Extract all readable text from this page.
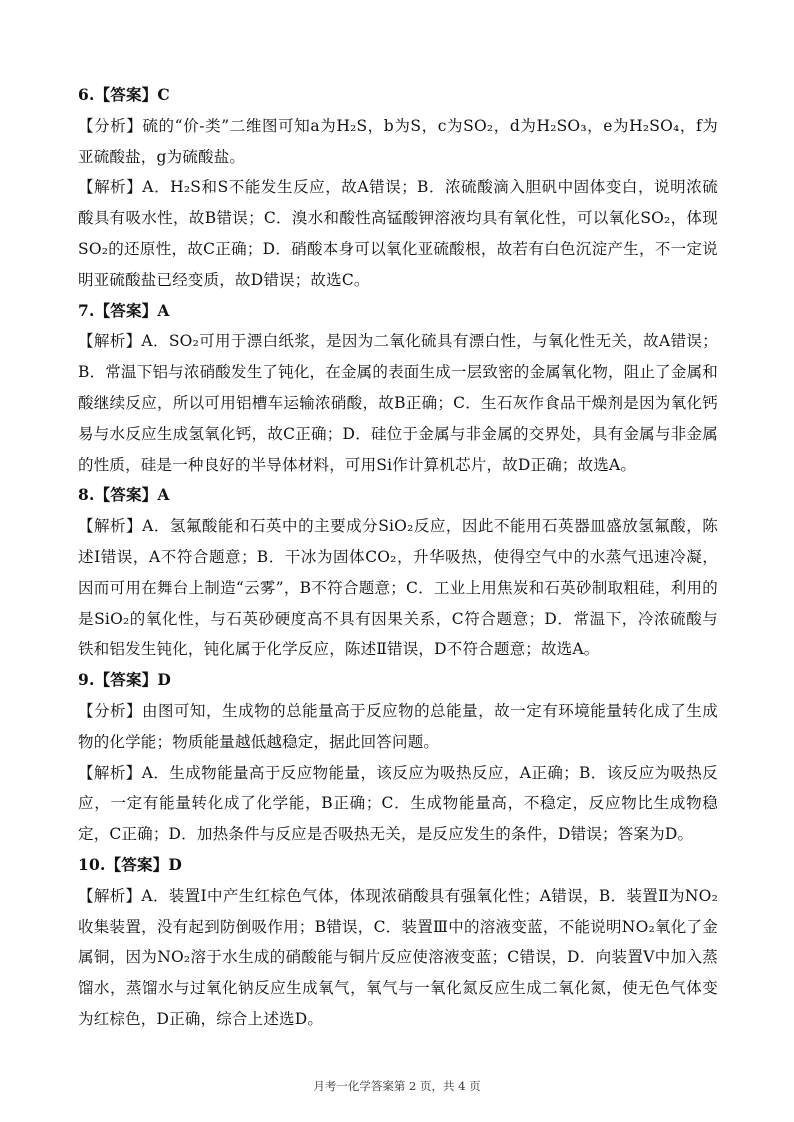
6.【答案】C

【分析】硫的“价-类”二维图可知a为H₂S，b为S，c为SO₂，d为H₂SO₃，e为H₂SO₄，f为亚硫酸盐，g为硫酸盐。

【解析】A．H₂S和S不能发生反应，故A错误；B．浓硫酸滴入胆矾中固体变白，说明浓硫酸具有吸水性，故B错误；C．溴水和酸性高锰酸钾溶液均具有氧化性，可以氧化SO₂，体现SO₂的还原性，故C正确；D．硝酸本身可以氧化亚硫酸根，故若有白色沉淀产生，不一定说明亚硫酸盐已经变质，故D错误；故选C。

7.【答案】A

【解析】A．SO₂可用于漂白纸浆，是因为二氧化硫具有漂白性，与氧化性无关，故A错误；B．常温下铝与浓硝酸发生了钝化，在金属的表面生成一层致密的金属氧化物，阻止了金属和酸继续反应，所以可用铝槽车运输浓硝酸，故B正确；C．生石灰作食品干燥剂是因为氧化钙易与水反应生成氢氧化钙，故C正确；D．硅位于金属与非金属的交界处，具有金属与非金属的性质，硅是一种良好的半导体材料，可用Si作计算机芯片，故D正确；故选A。

8.【答案】A

【解析】A．氢氟酸能和石英中的主要成分SiO₂反应，因此不能用石英器皿盛放氢氟酸，陈述Ⅰ错误，A不符合题意；B．干冰为固体CO₂，升华吸热，使得空气中的水蒸气迅速冷凝，因而可用在舞台上制造“云雾”，B不符合题意；C．工业上用焦炭和石英砂制取粗硅，利用的是SiO₂的氧化性，与石英砂硬度高不具有因果关系，C符合题意；D．常温下，冷浓硫酸与铁和铝发生钝化，钝化属于化学反应，陈述Ⅱ错误，D不符合题意；故选A。

9.【答案】D

【分析】由图可知，生成物的总能量高于反应物的总能量，故一定有环境能量转化成了生成物的化学能；物质能量越低越稳定，据此回答问题。

【解析】A．生成物能量高于反应物能量，该反应为吸热反应，A正确；B．该反应为吸热反应，一定有能量转化成了化学能，B正确；C．生成物能量高，不稳定，反应物比生成物稳定，C正确；D．加热条件与反应是否吸热无关，是反应发生的条件，D错误；答案为D。

10.【答案】D

【解析】A．装置Ⅰ中产生红棕色气体，体现浓硝酸具有强氧化性；A错误，B．装置Ⅱ为NO₂收集装置，没有起到防倒吸作用；B错误，C．装置Ⅲ中的溶液变蓝，不能说明NO₂氧化了金属铜，因为NO₂溶于水生成的硝酸能与铜片反应使溶液变蓝；C错误，D．向装置V中加入蒸馏水，蒸馏水与过氧化钠反应生成氧气，氧气与一氧化氮反应生成二氧化氮，使无色气体变为红棕色，D正确，综合上述选D。

月考一化学答案第 2 页，共 4 页
